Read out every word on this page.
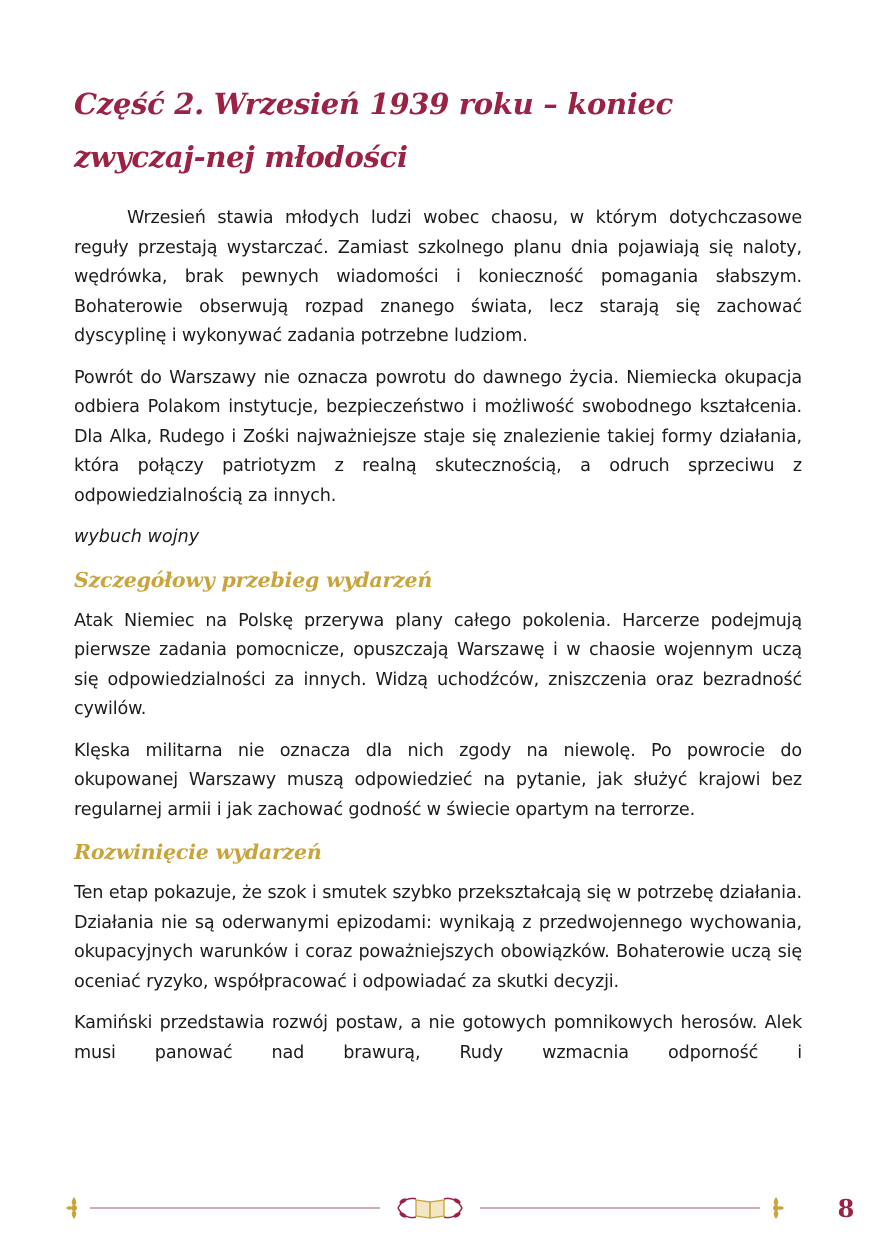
Część 2. Wrzesień 1939 roku – koniec zwyczaj-nej młodości

Wrzesień stawia młodych ludzi wobec chaosu, w którym dotychczasowe reguły przestają wystarczać. Zamiast szkolnego planu dnia pojawiają się naloty, wędrówka, brak pewnych wiadomości i konieczność pomagania słabszym. Bohaterowie obserwują rozpad znanego świata, lecz starają się zachować dyscyplinę i wykonywać zadania potrzebne ludziom.

Powrót do Warszawy nie oznacza powrotu do dawnego życia. Niemiecka okupacja odbiera Polakom instytucje, bezpieczeństwo i możliwość swobodnego kształcenia. Dla Alka, Rudego i Zośki najważniejsze staje się znalezienie takiej formy działania, która połączy patriotyzm z realną skutecznością, a odruch sprzeciwu z odpowiedzialnością za innych.

wybuch wojny

Szczegółowy przebieg wydarzeń

Atak Niemiec na Polskę przerywa plany całego pokolenia. Harcerze podejmują pierwsze zadania pomocnicze, opuszczają Warszawę i w chaosie wojennym uczą się odpowiedzialności za innych. Widzą uchodźców, zniszczenia oraz bezradność cywilów.

Klęska militarna nie oznacza dla nich zgody na niewolę. Po powrocie do okupowanej Warszawy muszą odpowiedzieć na pytanie, jak służyć krajowi bez regularnej armii i jak zachować godność w świecie opartym na terrorze.

Rozwinięcie wydarzeń

Ten etap pokazuje, że szok i smutek szybko przekształcają się w potrzebę działania. Działania nie są oderwanymi epizodami: wynikają z przedwojennego wychowania, okupacyjnych warunków i coraz poważniejszych obowiązków. Bohaterowie uczą się oceniać ryzyko, współpracować i odpowiadać za skutki decyzji.

Kamiński przedstawia rozwój postaw, a nie gotowych pomnikowych herosów. Alek musi panować nad brawurą, Rudy wzmacnia odporność i

8
